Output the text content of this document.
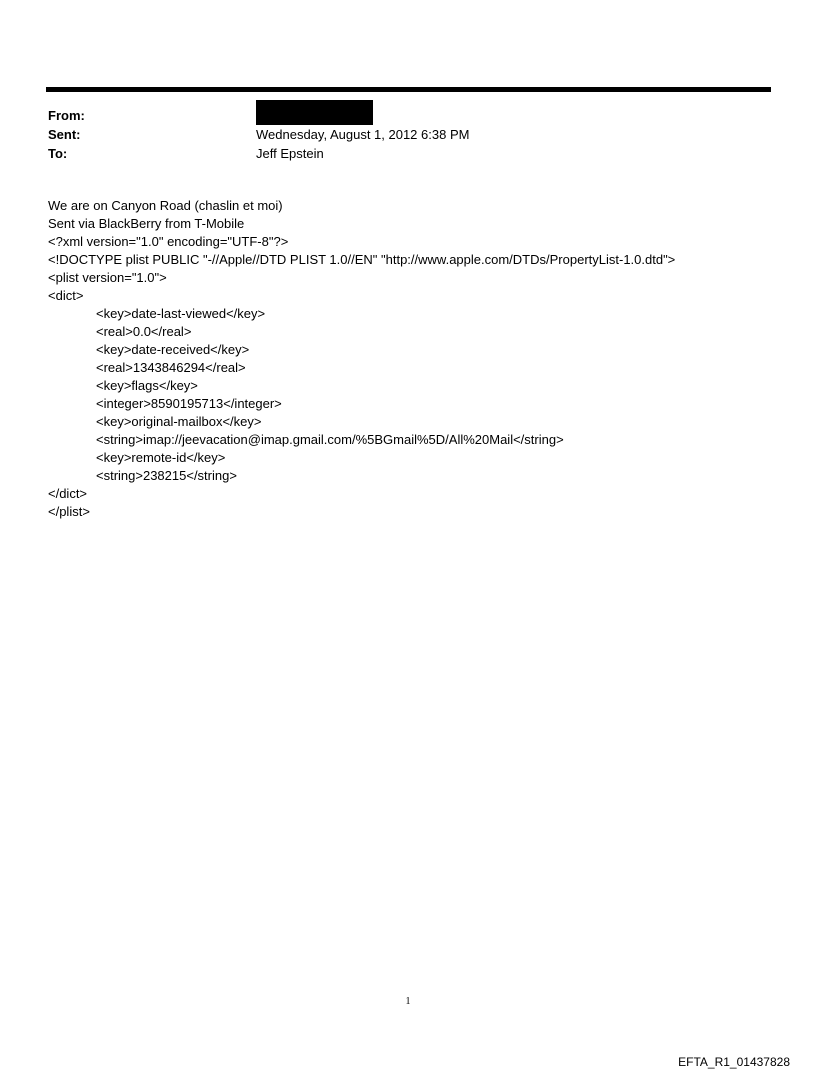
From:
Sent:	Wednesday, August 1, 2012 6:38 PM
To:	Jeff Epstein
We are on Canyon Road (chaslin et moi)
Sent via BlackBerry from T-Mobile
<?xml version="1.0" encoding="UTF-8"?>
<!DOCTYPE plist PUBLIC "-//Apple//DTD PLIST 1.0//EN" "http://www.apple.com/DTDs/PropertyList-1.0.dtd">
<plist version="1.0">
<dict>
<key>date-last-viewed</key>
<real>0.0</real>
<key>date-received</key>
<real>1343846294</real>
<key>flags</key>
<integer>8590195713</integer>
<key>original-mailbox</key>
<string>imap://jeevacation@imap.gmail.com/%5BGmail%5D/All%20Mail</string>
<key>remote-id</key>
<string>238215</string>
</dict>
</plist>
1
EFTA_R1_01437828
